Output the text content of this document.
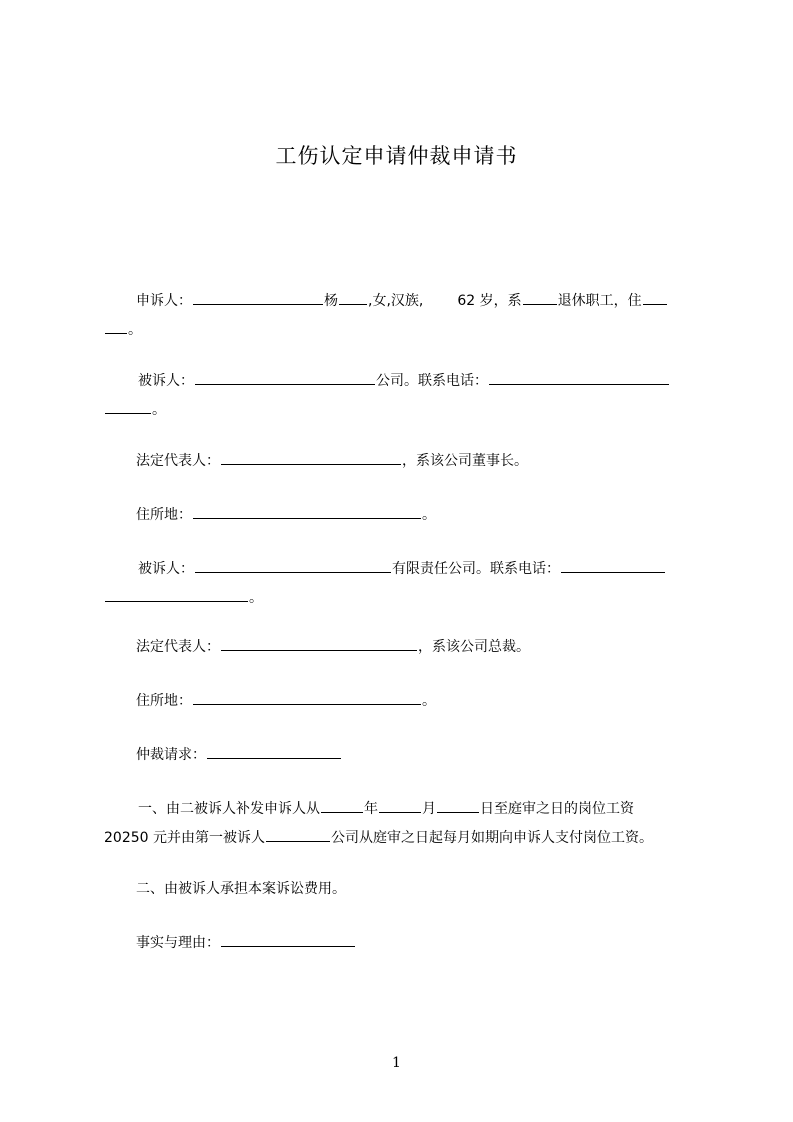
工伤认定申请仲裁申请书
申诉人：	杨 ,女,汉族, 62 岁，系	退休职工，住
。
被诉人：	公司。联系电话：
。
法定代表人：	，系该公司董事长。
住所地：	。
被诉人：	有限责任公司。联系电话：
。
法定代表人：	，系该公司总裁。
住所地：	。
仲裁请求：
一、由二被诉人补发申诉人从	年	月	日至庭审之日的岗位工资
20250 元并由第一被诉人	公司从庭审之日起每月如期向申诉人支付岗位工资。
二、由被诉人承担本案诉讼费用。
事实与理由：
1
